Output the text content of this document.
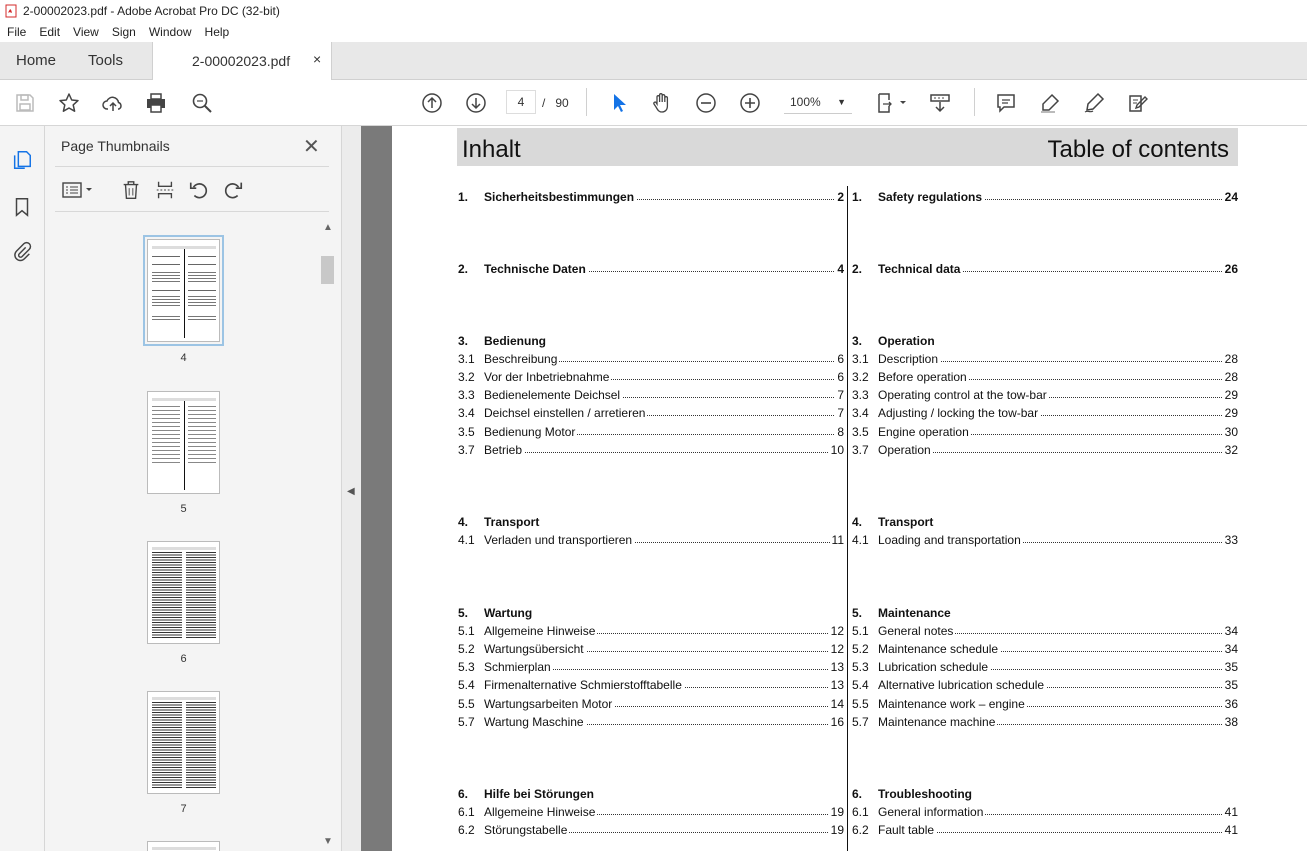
2-00002023.pdf - Adobe Acrobat Pro DC (32-bit)
File	Edit	View	Sign	Window	Help
Home Tools	2-00002023.pdf ×
4	/ 90	100% ▼
Page Thumbnails	✕
4
5
6
7
▲
▼
◀
Inhalt	Table of contents
1. Sicherheitsbestimmungen	2
2. Technische Daten	4
3. Bedienung
3.1 Beschreibung	6
3.2 Vor der Inbetriebnahme	6
3.3 Bedienelemente Deichsel	7
3.4 Deichsel einstellen / arretieren	7
3.5 Bedienung Motor	8
3.7 Betrieb	10
4. Transport
4.1 Verladen und transportieren	11
5. Wartung
5.1 Allgemeine Hinweise	12
5.2 Wartungsübersicht	12
5.3 Schmierplan	13
5.4 Firmenalternative Schmierstofftabelle	13
5.5 Wartungsarbeiten Motor	14
5.7 Wartung Maschine	16
6. Hilfe bei Störungen
6.1 Allgemeine Hinweise	19
6.2 Störungstabelle	19
1. Safety regulations	24
2. Technical data	26
3. Operation
3.1 Description	28
3.2 Before operation	28
3.3 Operating control at the tow-bar	29
3.4 Adjusting / locking the tow-bar	29
3.5 Engine operation	30
3.7 Operation	32
4. Transport
4.1 Loading and transportation	33
5. Maintenance
5.1 General notes	34
5.2 Maintenance schedule	34
5.3 Lubrication schedule	35
5.4 Alternative lubrication schedule	35
5.5 Maintenance work – engine	36
5.7 Maintenance machine	38
6. Troubleshooting
6.1 General information	41
6.2 Fault table	41
